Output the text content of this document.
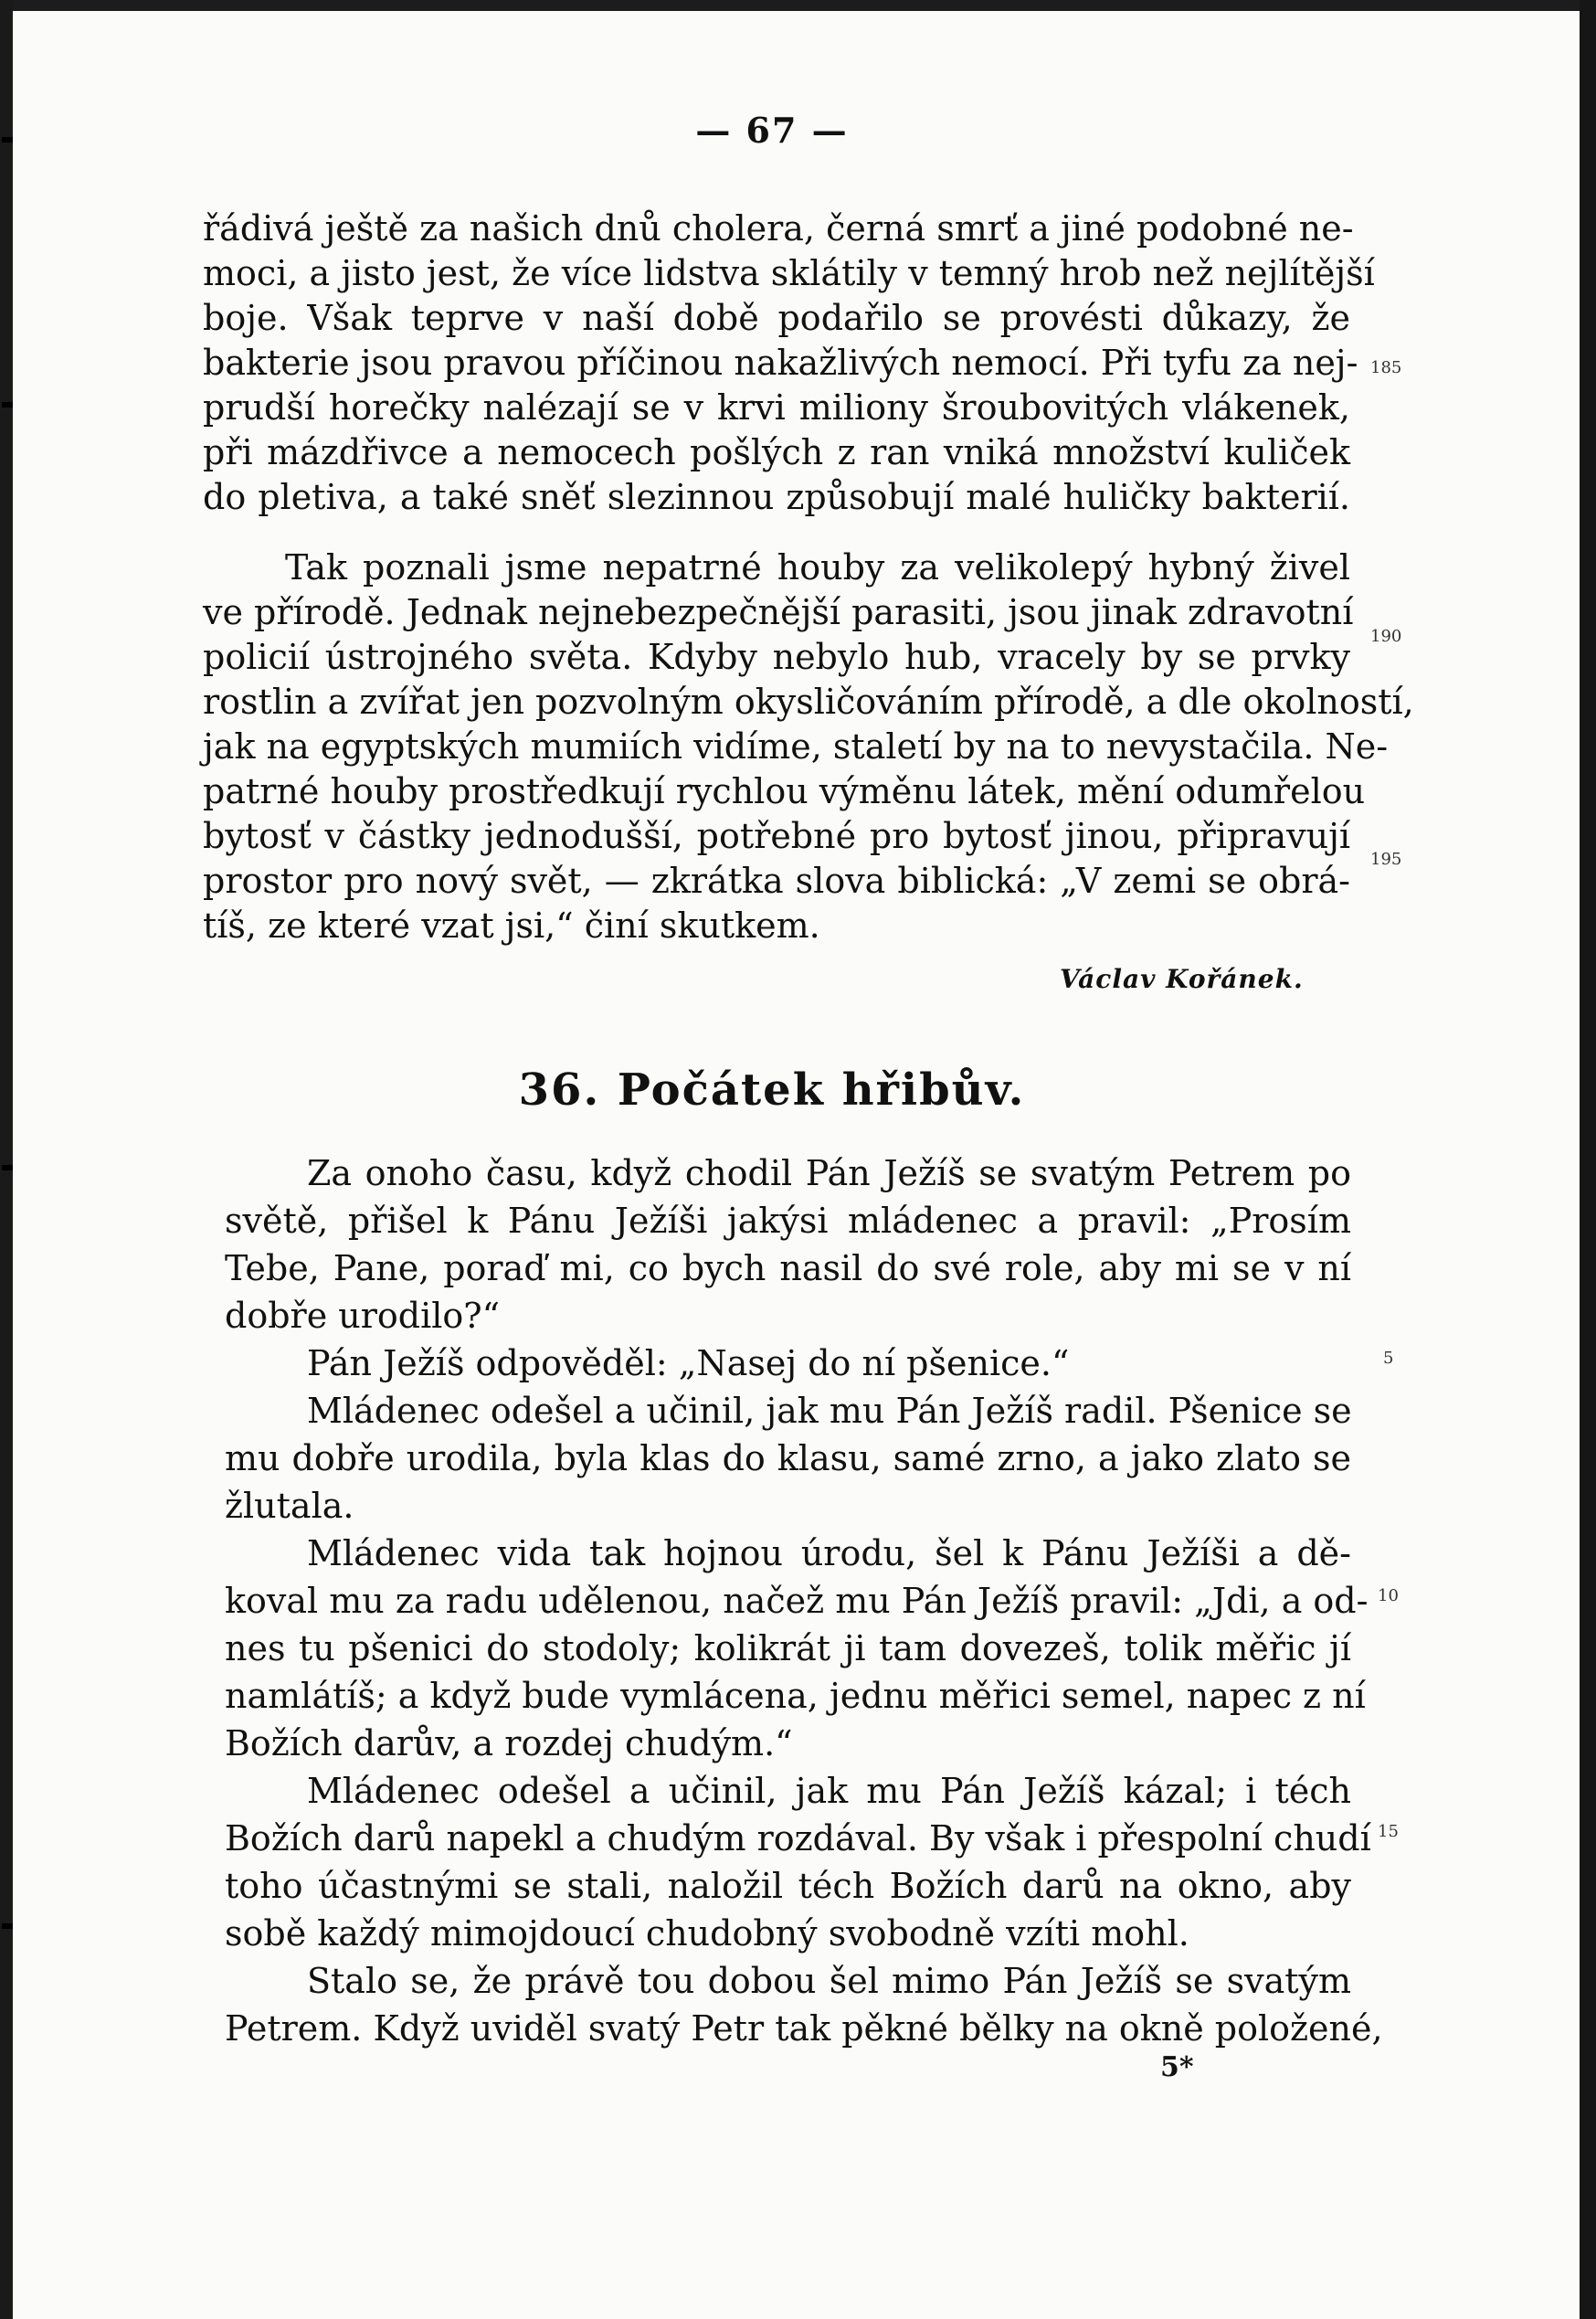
— 67 —
řádivá ještě za našich dnů cholera, černá smrť a jiné podobné ne-
moci, a jisto jest, že více lidstva sklátily v temný hrob než nejlítější
boje. Však teprve v naší době podařilo se provésti důkazy, že
bakterie jsou pravou příčinou nakažlivých nemocí. Při tyfu za nej-
prudší horečky nalézají se v krvi miliony šroubovitých vlákenek,
při mázdřivce a nemocech pošlých z ran vniká množství kuliček
do pletiva, a také sněť slezinnou způsobují malé huličky bakterií.
Tak poznali jsme nepatrné houby za velikolepý hybný živel
ve přírodě. Jednak nejnebezpečnější parasiti, jsou jinak zdravotní
policií ústrojného světa. Kdyby nebylo hub, vracely by se prvky
rostlin a zvířat jen pozvolným okysličováním přírodě, a dle okolností,
jak na egyptských mumiích vidíme, staletí by na to nevystačila. Ne-
patrné houby prostředkují rychlou výměnu látek, mění odumřelou
bytosť v částky jednodušší, potřebné pro bytosť jinou, připravují
prostor pro nový svět, — zkrátka slova biblická: „V zemi se obrá-
tíš, ze které vzat jsi,“ činí skutkem.
Václav Kořánek.
36. Počátek hřibův.
Za onoho času, když chodil Pán Ježíš se svatým Petrem po
světě, přišel k Pánu Ježíši jakýsi mládenec a pravil: „Prosím
Tebe, Pane, poraď mi, co bych nasil do své role, aby mi se v ní
dobře urodilo?“
Pán Ježíš odpověděl: „Nasej do ní pšenice.“
Mládenec odešel a učinil, jak mu Pán Ježíš radil. Pšenice se
mu dobře urodila, byla klas do klasu, samé zrno, a jako zlato se
žlutala.
Mládenec vida tak hojnou úrodu, šel k Pánu Ježíši a dě-
koval mu za radu udělenou, načež mu Pán Ježíš pravil: „Jdi, a od-
nes tu pšenici do stodoly; kolikrát ji tam dovezeš, tolik měřic jí
namlátíš; a když bude vymlácena, jednu měřici semel, napec z ní
Božích darův, a rozdej chudým.“
Mládenec odešel a učinil, jak mu Pán Ježíš kázal; i téch
Božích darů napekl a chudým rozdával. By však i přespolní chudí
toho účastnými se stali, naložil téch Božích darů na okno, aby
sobě každý mimojdoucí chudobný svobodně vzíti mohl.
Stalo se, že právě tou dobou šel mimo Pán Ježíš se svatým
Petrem. Když uviděl svatý Petr tak pěkné bělky na okně položené,
5*
185
190
195
5
10
15
